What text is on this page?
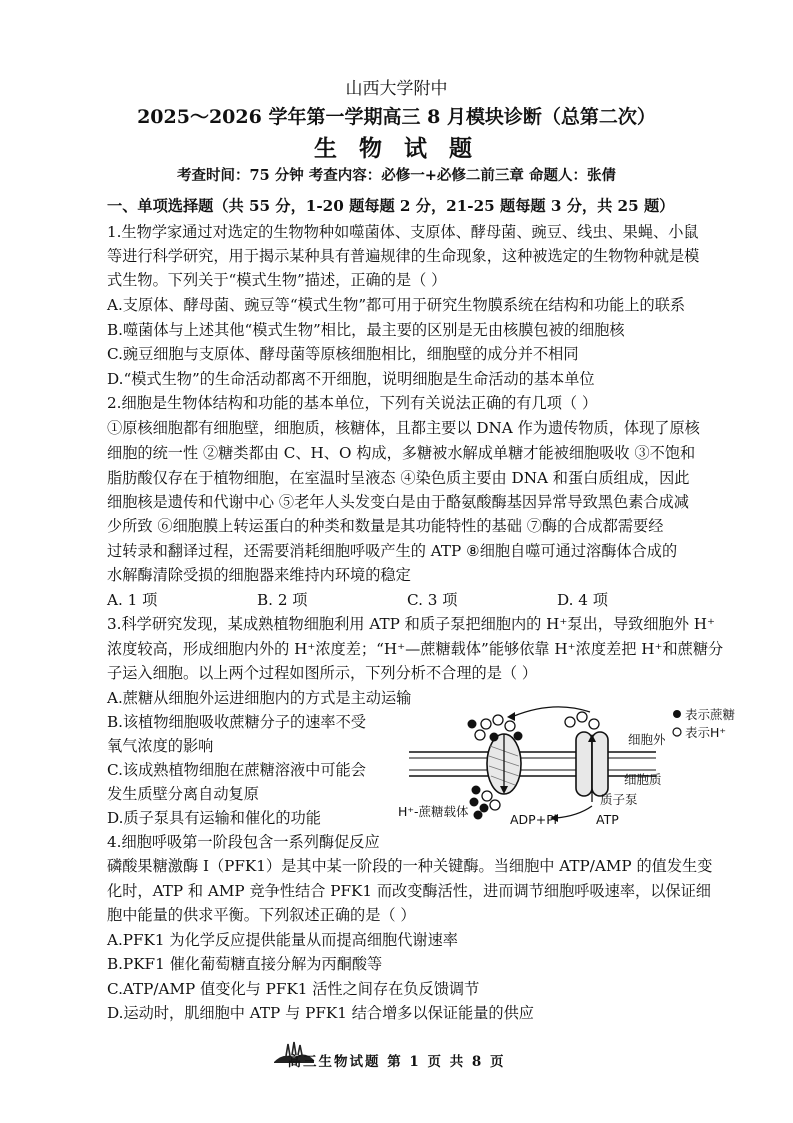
山西大学附中
2025～2026 学年第一学期高三 8 月模块诊断（总第二次）
生 物 试 题
考查时间：75 分钟 考查内容：必修一+必修二前三章 命题人：张倩
一、单项选择题（共 55 分，1-20 题每题 2 分，21-25 题每题 3 分，共 25 题）
1.生物学家通过对选定的生物物种如噬菌体、支原体、酵母菌、豌豆、线虫、果蝇、小鼠
等进行科学研究，用于揭示某种具有普遍规律的生命现象，这种被选定的生物物种就是模
式生物。下列关于“模式生物”描述，正确的是（ ）
A.支原体、酵母菌、豌豆等“模式生物”都可用于研究生物膜系统在结构和功能上的联系
B.噬菌体与上述其他“模式生物”相比，最主要的区别是无由核膜包被的细胞核
C.豌豆细胞与支原体、酵母菌等原核细胞相比，细胞壁的成分并不相同
D.“模式生物”的生命活动都离不开细胞，说明细胞是生命活动的基本单位
2.细胞是生物体结构和功能的基本单位，下列有关说法正确的有几项（ ）
①原核细胞都有细胞壁，细胞质，核糖体，且都主要以 DNA 作为遗传物质，体现了原核
细胞的统一性 ②糖类都由 C、H、O 构成，多糖被水解成单糖才能被细胞吸收 ③不饱和
脂肪酸仅存在于植物细胞，在室温时呈液态 ④染色质主要由 DNA 和蛋白质组成，因此
细胞核是遗传和代谢中心 ⑤老年人头发变白是由于酪氨酸酶基因异常导致黑色素合成减
少所致 ⑥细胞膜上转运蛋白的种类和数量是其功能特性的基础 ⑦酶的合成都需要经
过转录和翻译过程，还需要消耗细胞呼吸产生的 ATP ⑧细胞自噬可通过溶酶体合成的
水解酶清除受损的细胞器来维持内环境的稳定
A. 1 项	B. 2 项	C. 3 项	D. 4 项
3.科学研究发现，某成熟植物细胞利用 ATP 和质子泵把细胞内的 H⁺泵出，导致细胞外 H⁺
浓度较高，形成细胞内外的 H⁺浓度差；“H⁺—蔗糖载体”能够依靠 H⁺浓度差把 H⁺和蔗糖分
子运入细胞。以上两个过程如图所示，下列分析不合理的是（ ）
A.蔗糖从细胞外运进细胞内的方式是主动运输
B.该植物细胞吸收蔗糖分子的速率不受
氧气浓度的影响
C.该成熟植物细胞在蔗糖溶液中可能会
发生质壁分离自动复原
D.质子泵具有运输和催化的功能
细胞外
细胞质
质子泵
H⁺-蔗糖载体
ADP+Pi	ATP
表示蔗糖
表示H⁺
4.细胞呼吸第一阶段包含一系列酶促反应
磷酸果糖激酶 I（PFK1）是其中某一阶段的一种关键酶。当细胞中 ATP/AMP 的值发生变
化时，ATP 和 AMP 竞争性结合 PFK1 而改变酶活性，进而调节细胞呼吸速率，以保证细
胞中能量的供求平衡。下列叙述正确的是（ ）
A.PFK1 为化学反应提供能量从而提高细胞代谢速率
B.PKF1 催化葡萄糖直接分解为丙酮酸等
C.ATP/AMP 值变化与 PFK1 活性之间存在负反馈调节
D.运动时，肌细胞中 ATP 与 PFK1 结合增多以保证能量的供应
高三生物试题 第 1 页 共 8 页
